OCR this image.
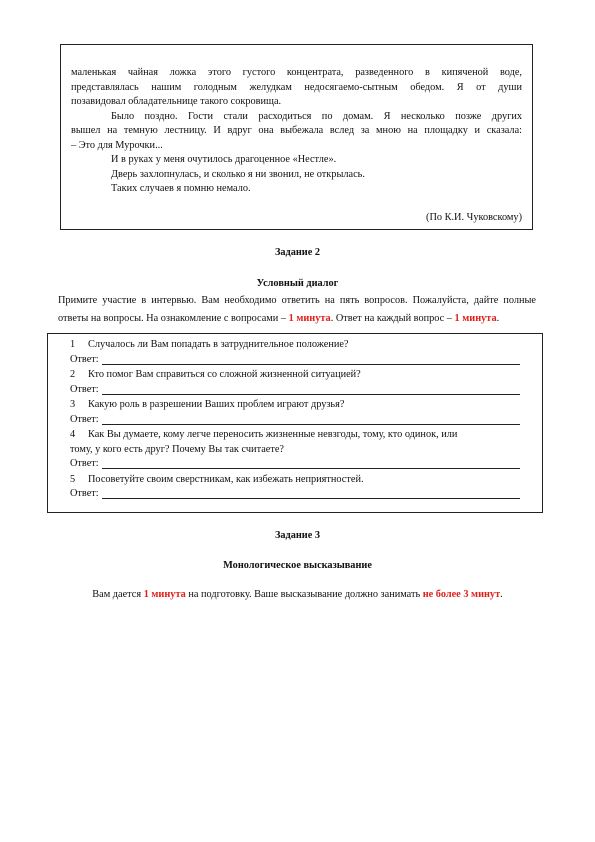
маленькая чайная ложка этого густого концентрата, разведенного в кипяченой воде,

представлялась нашим голодным желудкам недосягаемо-сытным обедом. Я от души

позавидовал обладательнице такого сокровища.

Было поздно. Гости стали расходиться по домам. Я несколько позже других

вышел на темную лестницу. И вдруг она выбежала вслед за мною на площадку и сказала:

– Это для Мурочки...

И в руках у меня очутилось драгоценное «Нестле».

Дверь захлопнулась, и сколько я ни звонил, не открылась.

Таких случаев я помню немало.

(По К.И. Чуковскому)

Задание 2
Условный диалог

Примите участие в интервью. Вам необходимо ответить на пять вопросов. Пожалуйста, дайте полные

ответы на вопросы. На ознакомление с вопросами – 1 минута. Ответ на каждый вопрос – 1 минута.

1 Случалось ли Вам попадать в затруднительное положение?
Ответ:
2 Кто помог Вам справиться со сложной жизненной ситуацией?
Ответ:
3 Какую роль в разрешении Ваших проблем играют друзья?
Ответ:
4 Как Вы думаете, кому легче переносить жизненные невзгоды, тому, кто одинок, или
тому, у кого есть друг? Почему Вы так считаете?
Ответ:
5 Посоветуйте своим сверстникам, как избежать неприятностей.
Ответ:
Задание 3
Монологическое высказывание
Вам дается 1 минута на подготовку. Ваше высказывание должно занимать не более 3 минут.
